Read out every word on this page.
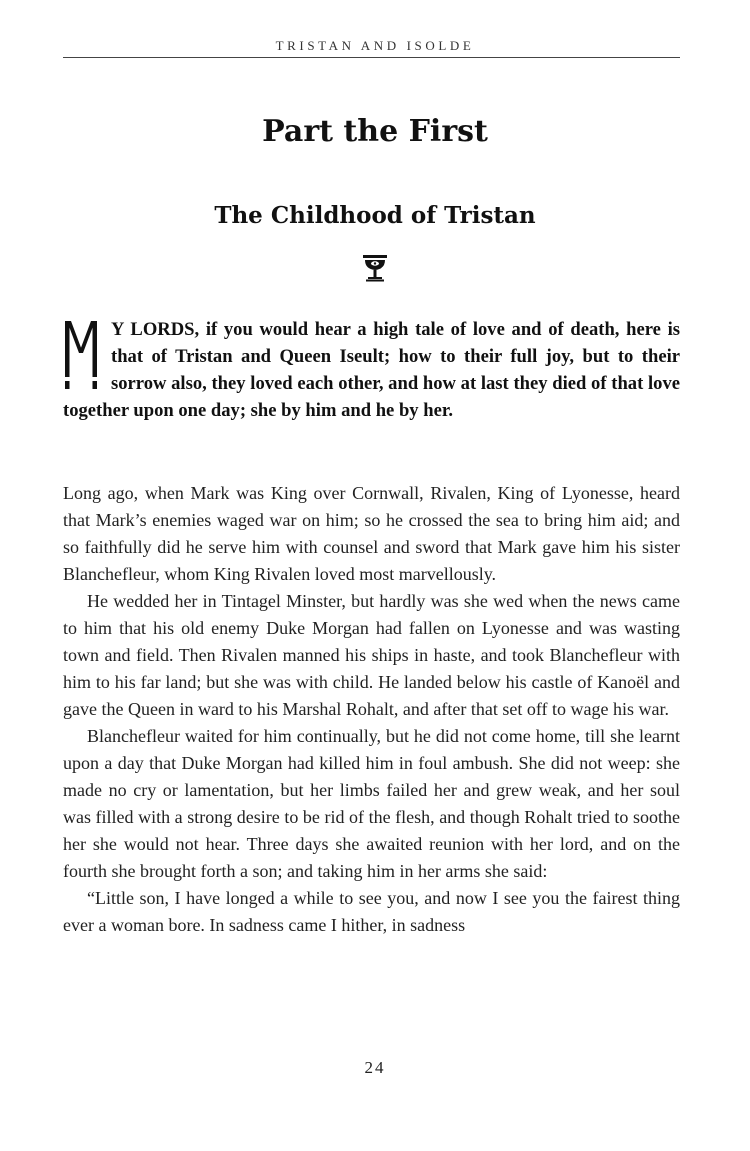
TRISTAN AND ISOLDE
Part the First
The Childhood of Tristan
M
Y LORDS, if you would hear a high tale of love and of death, here is that of Tristan and Queen Iseult; how to their full joy, but to their sorrow also, they loved each other, and how at last they died of that love together upon one day; she by him and he by her.

Long ago, when Mark was King over Cornwall, Rivalen, King of Lyonesse, heard that Mark’s enemies waged war on him; so he crossed the sea to bring him aid; and so faithfully did he serve him with counsel and sword that Mark gave him his sister Blanchefleur, whom King Rivalen loved most marvellously.

He wedded her in Tintagel Minster, but hardly was she wed when the news came to him that his old enemy Duke Morgan had fallen on Lyonesse and was wasting town and field. Then Rivalen manned his ships in haste, and took Blanchefleur with him to his far land; but she was with child. He landed below his castle of Kanoël and gave the Queen in ward to his Marshal Rohalt, and after that set off to wage his war.

Blanchefleur waited for him continually, but he did not come home, till she learnt upon a day that Duke Morgan had killed him in foul ambush. She did not weep: she made no cry or lamentation, but her limbs failed her and grew weak, and her soul was filled with a strong desire to be rid of the flesh, and though Rohalt tried to soothe her she would not hear. Three days she awaited reunion with her lord, and on the fourth she brought forth a son; and taking him in her arms she said:

“Little son, I have longed a while to see you, and now I see you the fairest thing ever a woman bore. In sadness came I hither, in sadness

24
